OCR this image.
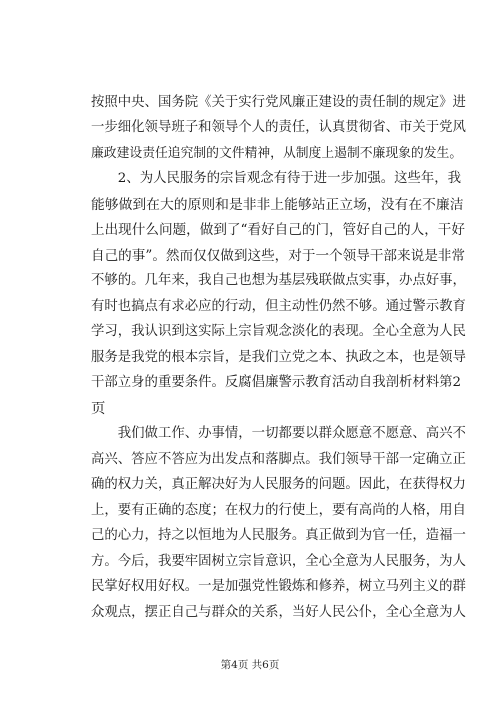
按照中央、国务院《关于实行党风廉正建设的责任制的规定》进
一步细化领导班子和领导个人的责任，认真贯彻省、市关于党风
廉政建设责任追究制的文件精神，从制度上遏制不廉现象的发生。
　　2、为人民服务的宗旨观念有待于进一步加强。这些年，我
能够做到在大的原则和是非非上能够站正立场，没有在不廉洁
上出现什么问题，做到了“看好自己的门，管好自己的人，干好
自己的事”。然而仅仅做到这些，对于一个领导干部来说是非常
不够的。几年来，我自己也想为基层残联做点实事，办点好事，
有时也搞点有求必应的行动，但主动性仍然不够。通过警示教育
学习，我认识到这实际上宗旨观念淡化的表现。全心全意为人民
服务是我党的根本宗旨，是我们立党之本、执政之本，也是领导
干部立身的重要条件。反腐倡廉警示教育活动自我剖析材料第2
页
　　我们做工作、办事情，一切都要以群众愿意不愿意、高兴不
高兴、答应不答应为出发点和落脚点。我们领导干部一定确立正
确的权力关，真正解决好为人民服务的问题。因此，在获得权力
上，要有正确的态度；在权力的行使上，要有高尚的人格，用自
己的心力，持之以恒地为人民服务。真正做到为官一任，造福一
方。今后，我要牢固树立宗旨意识，全心全意为人民服务，为人
民掌好权用好权。一是加强党性锻炼和修养，树立马列主义的群
众观点，摆正自己与群众的关系，当好人民公仆，全心全意为人
第4页 共6页
